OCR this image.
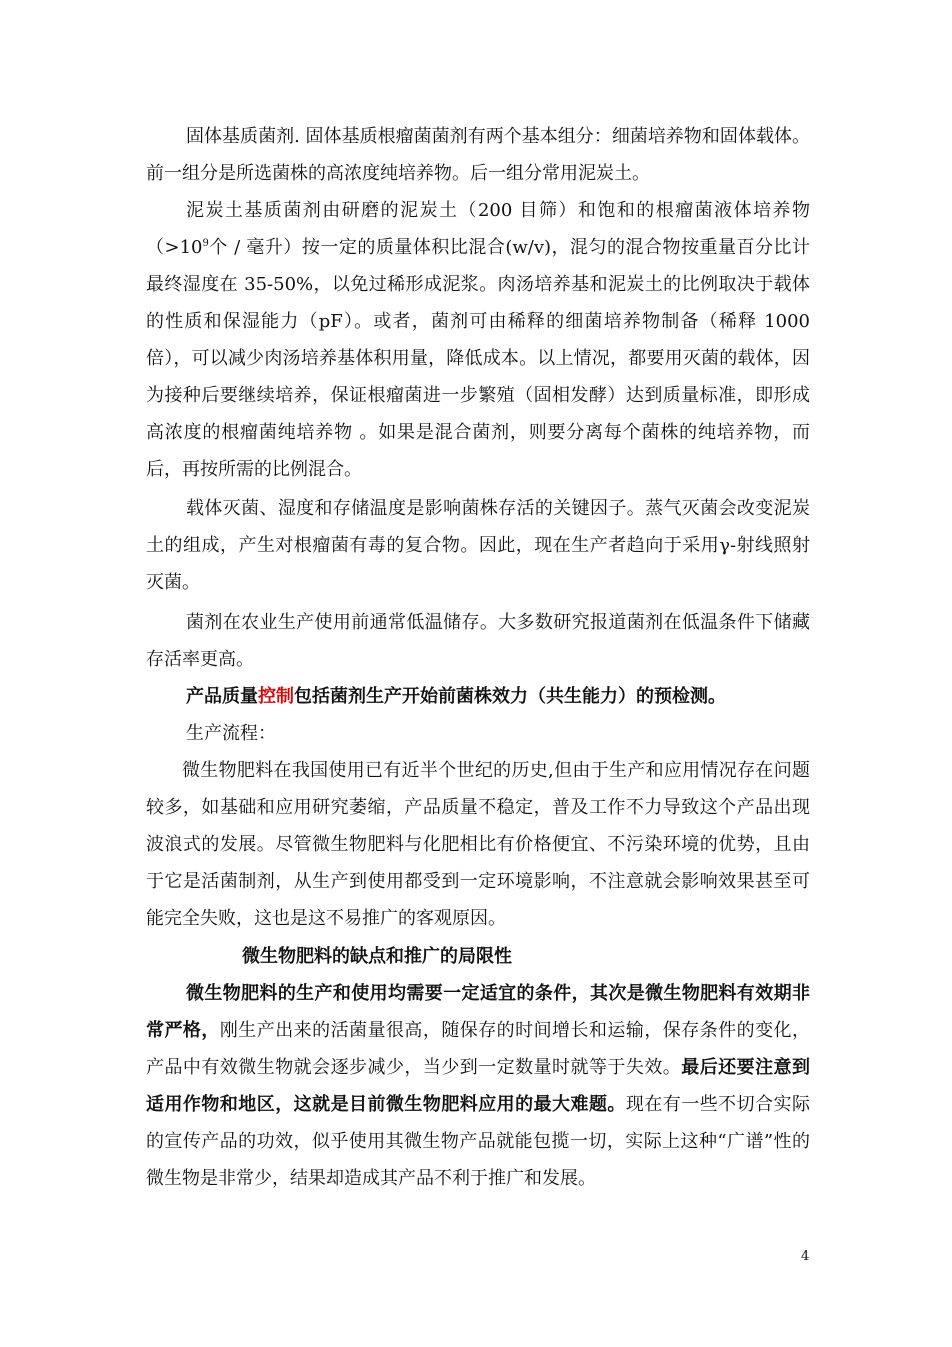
固体基质菌剂. 固体基质根瘤菌菌剂有两个基本组分：细菌培养物和固体载体。前一组分是所选菌株的高浓度纯培养物。后一组分常用泥炭土。

泥炭土基质菌剂由研磨的泥炭土（200 目筛）和饱和的根瘤菌液体培养物（$>10^9$个 / 毫升）按一定的质量体积比混合(w/v)，混匀的混合物按重量百分比计最终湿度在 35-50%，以免过稀形成泥浆。肉汤培养基和泥炭土的比例取决于载体的性质和保湿能力（pF）。或者，菌剂可由稀释的细菌培养物制备（稀释 1000 倍），可以减少肉汤培养基体积用量，降低成本。以上情况，都要用灭菌的载体，因为接种后要继续培养，保证根瘤菌进一步繁殖（固相发酵）达到质量标准，即形成高浓度的根瘤菌纯培养物 。如果是混合菌剂，则要分离每个菌株的纯培养物，而后，再按所需的比例混合。

载体灭菌、湿度和存储温度是影响菌株存活的关键因子。蒸气灭菌会改变泥炭土的组成，产生对根瘤菌有毒的复合物。因此，现在生产者趋向于采用γ-射线照射灭菌。

菌剂在农业生产使用前通常低温储存。大多数研究报道菌剂在低温条件下储藏存活率更高。

产品质量控制包括菌剂生产开始前菌株效力（共生能力）的预检测。

生产流程：

微生物肥料在我国使用已有近半个世纪的历史,但由于生产和应用情况存在问题较多，如基础和应用研究萎缩，产品质量不稳定，普及工作不力导致这个产品出现波浪式的发展。尽管微生物肥料与化肥相比有价格便宜、不污染环境的优势，且由于它是活菌制剂，从生产到使用都受到一定环境影响，不注意就会影响效果甚至可能完全失败，这也是这不易推广的客观原因。

微生物肥料的缺点和推广的局限性

微生物肥料的生产和使用均需要一定适宜的条件，其次是微生物肥料有效期非常严格，刚生产出来的活菌量很高，随保存的时间增长和运输，保存条件的变化，产品中有效微生物就会逐步减少，当少到一定数量时就等于失效。最后还要注意到适用作物和地区，这就是目前微生物肥料应用的最大难题。现在有一些不切合实际的宣传产品的功效，似乎使用其微生物产品就能包揽一切，实际上这种“广谱”性的微生物是非常少，结果却造成其产品不利于推广和发展。

4
